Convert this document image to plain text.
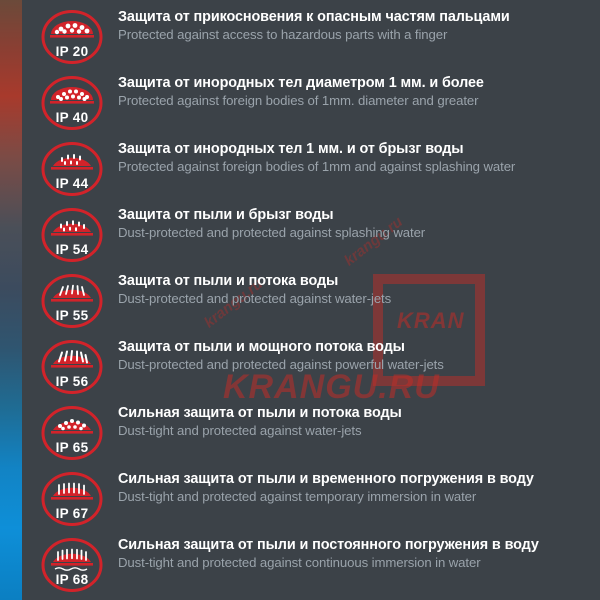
krangu.ru
krangu.ru
KRAN
KRANGU.RU
IP 20
Защита от прикосновения к опасным частям пальцами
Protected against access to hazardous parts with a finger
IP 40
Защита от инородных тел диаметром 1 мм. и более
Protected against foreign bodies of 1mm. diameter and greater
IP 44
Защита от инородных тел 1 мм. и от брызг воды
Protected against foreign bodies of 1mm and against splashing water
IP 54
Защита от пыли и брызг воды
Dust-protected and protected against splashing water
IP 55
Защита от пыли и потока воды
Dust-protected and protected against water-jets
IP 56
Защита от пыли и мощного потока воды
Dust-protected and protected against powerful water-jets
IP 65
Сильная защита от пыли и потока воды
Dust-tight and protected against water-jets
IP 67
Сильная защита от пыли и временного погружения в воду
Dust-tight and protected against temporary immersion in water
IP 68
Сильная защита от пыли и постоянного погружения в воду
Dust-tight and protected against continuous immersion in water
